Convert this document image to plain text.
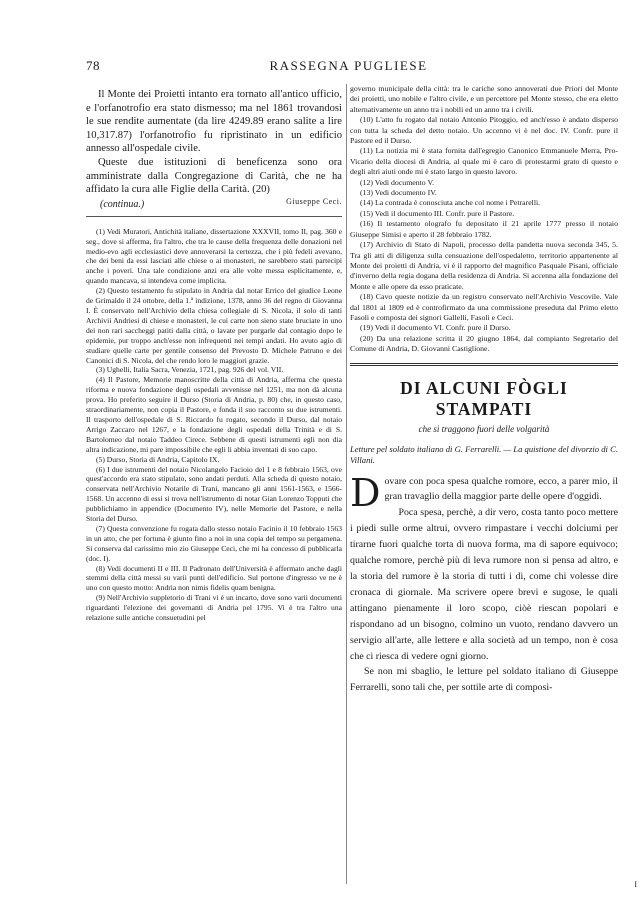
78	RASSEGNA PUGLIESE

Il Monte dei Proietti intanto era tornato all'antico ufficio, e l'orfanotrofio era stato dismesso; ma nel 1861 trovandosi le sue rendite aumentate (da lire 4249.89 erano salite a lire 10,317.87) l'orfanotrofio fu ripristinato in un edificio annesso all'ospedale civile.

Queste due istituzioni di beneficenza sono ora amministrate dalla Congregazione di Carità, che ne ha affidato la cura alle Figlie della Carità. (20)

(continua.)	Giuseppe Ceci.

(1) Vedi Muratori, Antichità italiane, dissertazione XXXVII, tomo II, pag. 360 e seg., dove si afferma, fra l'altro, che tra le cause della frequenza delle donazioni nel medio-evo agli ecclesiastici deve annoverarsi la certezza, che i più fedeli avevano, che dei beni da essi lasciati alle chiese o ai monasteri, ne sarebbero stati partecipi anche i poveri. Una tale condizione anzi era alle volte messa esplicitamente, e, quando mancava, si intendeva come implicita.

(2) Questo testamento fu stipulato in Andria dal notar Errico del giudice Leone de Grimaldo il 24 ottobre, della 1.ª indizione, 1378, anno 36 del regno di Giovanna I. È conservato nell'Archivio della chiesa collegiale di S. Nicola, il solo di tanti Archivii Andriesi di chiese e monasteri, le cui carte non sieno state bruciate in uno dei non rari saccheggi patiti dalla città, o lavate per purgarle dal contagio dopo le epidemie, pur troppo anch'esse non infrequenti nei tempi andati. Ho avuto agio di studiare quelle carte per gentile consenso del Prevosto D. Michele Patruno e dei Canonici di S. Nicola, del che rendo loro le maggiori grazie.

(3) Ughelli, Italia Sacra, Venezia, 1721, pag. 926 del vol. VII.

(4) Il Pastore, Memorie manoscritte della città di Andria, afferma che questa riforma e nuova fondazione degli ospedali avvenisse nel 1251, ma non dà alcuna prova. Ho preferito seguire il Durso (Storia di Andria, p. 80) che, in questo caso, straordinariamente, non copia il Pastore, e fonda il suo racconto su due istrumenti. Il trasporto dell'ospedale di S. Riccardo fu rogato, secondo il Durso, dal notaio Arrigo Zaccaro nel 1267, e la fondazione degli ospedali della Trinità e di S. Bartolomeo dal notaio Taddeo Cirece. Sebbene di questi istrumenti egli non dia altra indicazione, mi pare impossibile che egli li abbia inventati di suo capo.

(5) Durso, Storia di Andria, Capitolo IX.

(6) I due istrumenti del notaio Nicolangelo Facioio del 1 e 8 febbraio 1563, ove quest'accordo era stato stipulato, sono andati perduti. Alla scheda di questo notaio, conservata nell'Archivio Notarile di Trani, mancano gli anni 1561-1563, e 1566-1568. Un accenno di essi si trova nell'istrumento di notar Gian Lorenzo Topputi che pubblichiamo in appendice (Documento IV), nelle Memorie del Pastore, e nella Storia del Durso.

(7) Questa convenzione fu rogata dallo stesso notaio Facinio il 10 febbraio 1563 in un atto, che per fortuna è giunto fino a noi in una copia del tempo su pergamena. Si conserva dal carissimo mio zio Giuseppe Ceci, che mi ha concesso di pubblicarla (doc. I).

(8) Vedi documenti II e III. Il Padronato dell'Università è affermato anche dagli stemmi della città messi su varii punti dell'edificio. Sul portone d'ingresso ve ne è uno con questo motto: Andria non nimis fidelis quam benigna.

(9) Nell'Archivio suppletorio di Trani vi è un incarto, dove sono varii documenti riguardanti l'elezione dei governanti di Andria pel 1795. Vi è tra l'altro una relazione sulle antiche consuetudini pel

governo municipale della città: tra le cariche sono annoverati due Priori del Monte dei proietti, uno nobile e l'altro civile, e un percettore pel Monte stesso, che era eletto alternativamente un anno tra i nobili ed un anno tra i civili.

(10) L'atto fu rogato dal notaio Antonio Pitoggio, ed anch'esso è andato disperso con tutta la scheda del detto notaio. Un accenno vi è nel doc. IV. Confr. pure il Pastore ed il Durso.

(11) La notizia mi è stata fornita dall'egregio Canonico Emmanuele Merra, Pro-Vicario della diocesi di Andria, al quale mi è caro di protestarmi grato di questo e degli altri aiuti onde mi è stato largo in questo lavoro.

(12) Vedi documento V.

(13) Vedi documento IV.

(14) La contrada è conosciuta anche col nome i Petrarelli.

(15) Vedi il documento III. Confr. pure il Pastore.

(16) Il testamento olografo fu depositato il 21 aprile 1777 presso il notaio Giuseppe Simisi e aperto il 28 febbraio 1782.

(17) Archivio di Stato di Napoli, processo della pandetta nuova seconda 345, 5. Tra gli atti di diligenza sulla censuazione dell'ospedaletto, territorio appartenente al Monte dei proietti di Andria, vi è il rapporto del magnifico Pasquale Pisani, officiale d'inverno della regia dogana della residenza di Andria. Si accenna alla fondazione del Monte e alle opere da esso praticate.

(18) Cavo queste notizie da un registro conservato nell'Archivio Vescovile. Vale dal 1801 al 1809 ed è controfirmato da una commissione preseduta dal Primo eletto Fasoli e composta dei signori Gallelli, Fasoli e Ceci.

(19) Vedi il documento VI. Confr. pure il Durso.

(20) Da una relazione scritta il 20 giugno 1864, dal compianto Segretario del Comune di Andria, D. Giovanni Castiglione.

DI ALCUNI FÒGLI STAMPATI
che si traggono fuori delle volgarità

Letture pel soldato italiano di G. Ferrarelli. — La quistione del divorzio di C. Villani.

Dovare con poca spesa qualche romore, ecco, a parer mio, il gran travaglio della maggior parte delle opere d'oggidì.

Poca spesa, perchè, a dir vero, costa tanto poco mettere i piedi sulle orme altrui, ovvero rimpastare i vecchi dolciumi per tirarne fuori qualche torta di nuova forma, ma di sapore equivoco; qualche romore, perchè più di leva rumore non si pensa ad altro, e la storia del rumore è la storia di tutti i dì, come chi volesse dire cronaca di giornale. Ma scrivere opere brevi e sugose, le quali attingano pienamente il loro scopo, ciòè riescan popolari e rispondano ad un bisogno, colmino un vuoto, rendano davvero un servigio all'arte, alle lettere e alla società ad un tempo, non è cosa che ci riesca di vedere ogni giorno.

Se non mi sbaglio, le letture pel soldato italiano di Giuseppe Ferrarelli, sono tali che, per sottile arte di composi-

I
